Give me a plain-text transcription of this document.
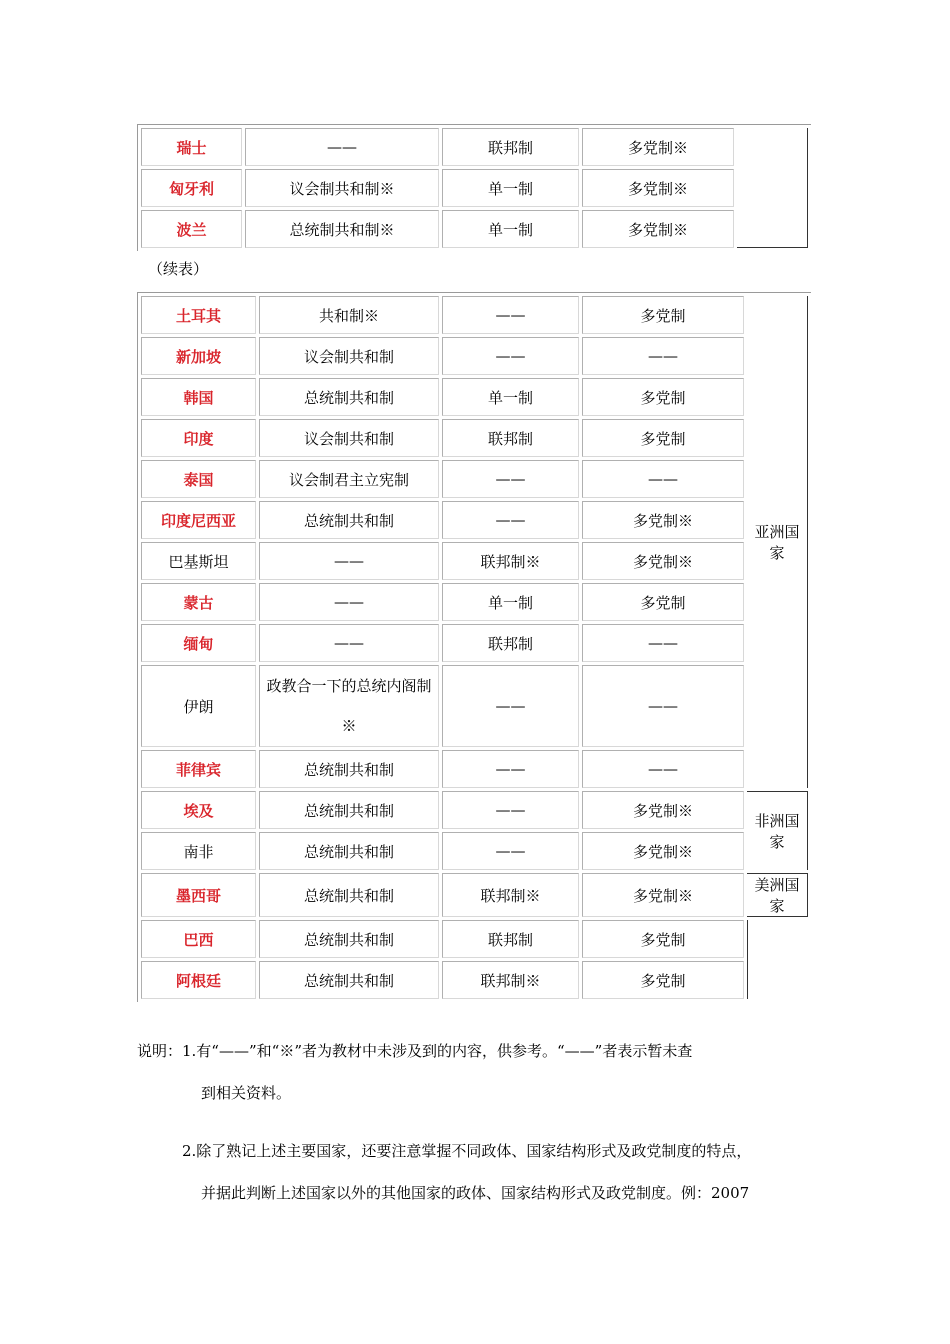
瑞士	——	联邦制	多党制※	
匈牙利	议会制共和制※	单一制	多党制※	
波兰	总统制共和制※	单一制	多党制※	
（续表）
土耳其	共和制※	——	多党制	亚洲国家
新加坡	议会制共和制	——	——	
韩国	总统制共和制	单一制	多党制	
印度	议会制共和制	联邦制	多党制	
泰国	议会制君主立宪制	——	——	
印度尼西亚	总统制共和制	——	多党制※	
巴基斯坦	——	联邦制※	多党制※	
蒙古	——	单一制	多党制	
缅甸	——	联邦制	——	
伊朗	政教合一下的总统内阁制※	——	——	
菲律宾	总统制共和制	——	——	
埃及	总统制共和制	——	多党制※	非洲国家
南非	总统制共和制	——	多党制※	
墨西哥	总统制共和制	联邦制※	多党制※	美洲国家
巴西	总统制共和制	联邦制	多党制	
阿根廷	总统制共和制	联邦制※	多党制	
说明： 1.有“——”和“※”者为教材中未涉及到的内容，供参考。“——”者表示暂未查
到相关资料。
2.除了熟记上述主要国家，还要注意掌握不同政体、国家结构形式及政党制度的特点，
并据此判断上述国家以外的其他国家的政体、国家结构形式及政党制度。例：2007
